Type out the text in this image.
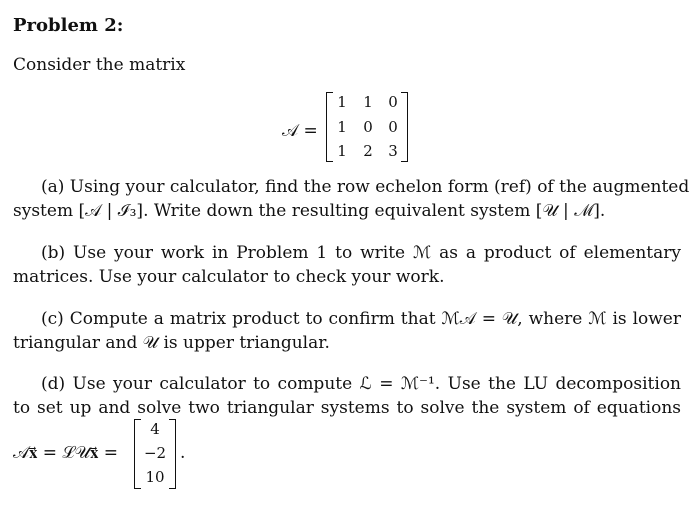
Problem 2:
Consider the matrix
𝒜 =
1 1 0
1 0 0
1 2 3
(a) Using your calculator, find the row echelon form (ref) of the augmented
system [𝒜 | ℐ₃]. Write down the resulting equivalent system [𝒰 | ℳ].
(b) Use your work in Problem 1 to write ℳ as a product of elementary
matrices. Use your calculator to check your work.
(c) Compute a matrix product to confirm that ℳ𝒜 = 𝒰, where ℳ is lower
triangular and 𝒰 is upper triangular.
(d) Use your calculator to compute ℒ = ℳ⁻¹. Use the LU decomposition
to set up and solve two triangular systems to solve the system of equations
𝒜𝐱⃗ = ℒ𝒰𝐱⃗ =
4
−2
10
.
